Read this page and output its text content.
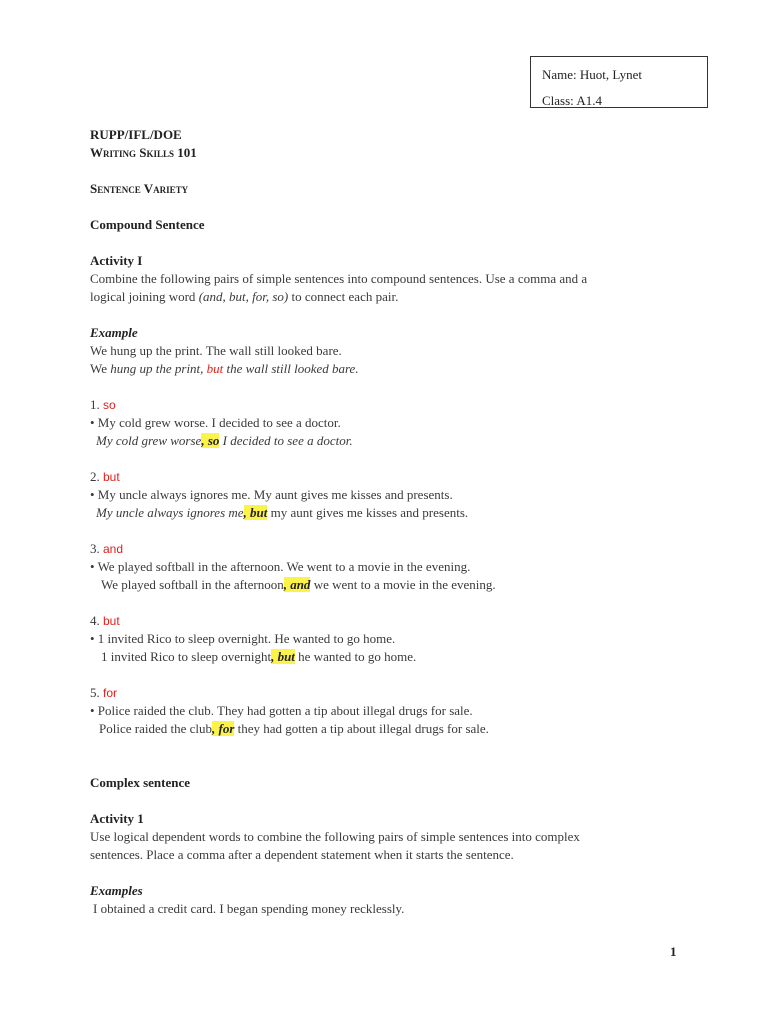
Name: Huot, Lynet
Class: A1.4
RUPP/IFL/DOE
Writing Skills 101
Sentence Variety
Compound Sentence
Activity I
Combine the following pairs of simple sentences into compound sentences. Use a comma and a
logical joining word (and, but, for, so) to connect each pair.
Example
We hung up the print. The wall still looked bare.
We hung up the print, but the wall still looked bare.
1. so
• My cold grew worse. I decided to see a doctor.
My cold grew worse, so I decided to see a doctor.
2. but
• My uncle always ignores me. My aunt gives me kisses and presents.
My uncle always ignores me, but my aunt gives me kisses and presents.
3. and
• We played softball in the afternoon. We went to a movie in the evening.
We played softball in the afternoon, and we went to a movie in the evening.
4. but
• 1 invited Rico to sleep overnight. He wanted to go home.
1 invited Rico to sleep overnight, but he wanted to go home.
5. for
• Police raided the club. They had gotten a tip about illegal drugs for sale.
Police raided the club, for they had gotten a tip about illegal drugs for sale.
Complex sentence
Activity 1
Use logical dependent words to combine the following pairs of simple sentences into complex
sentences. Place a comma after a dependent statement when it starts the sentence.
Examples
I obtained a credit card. I began spending money recklessly.
1
